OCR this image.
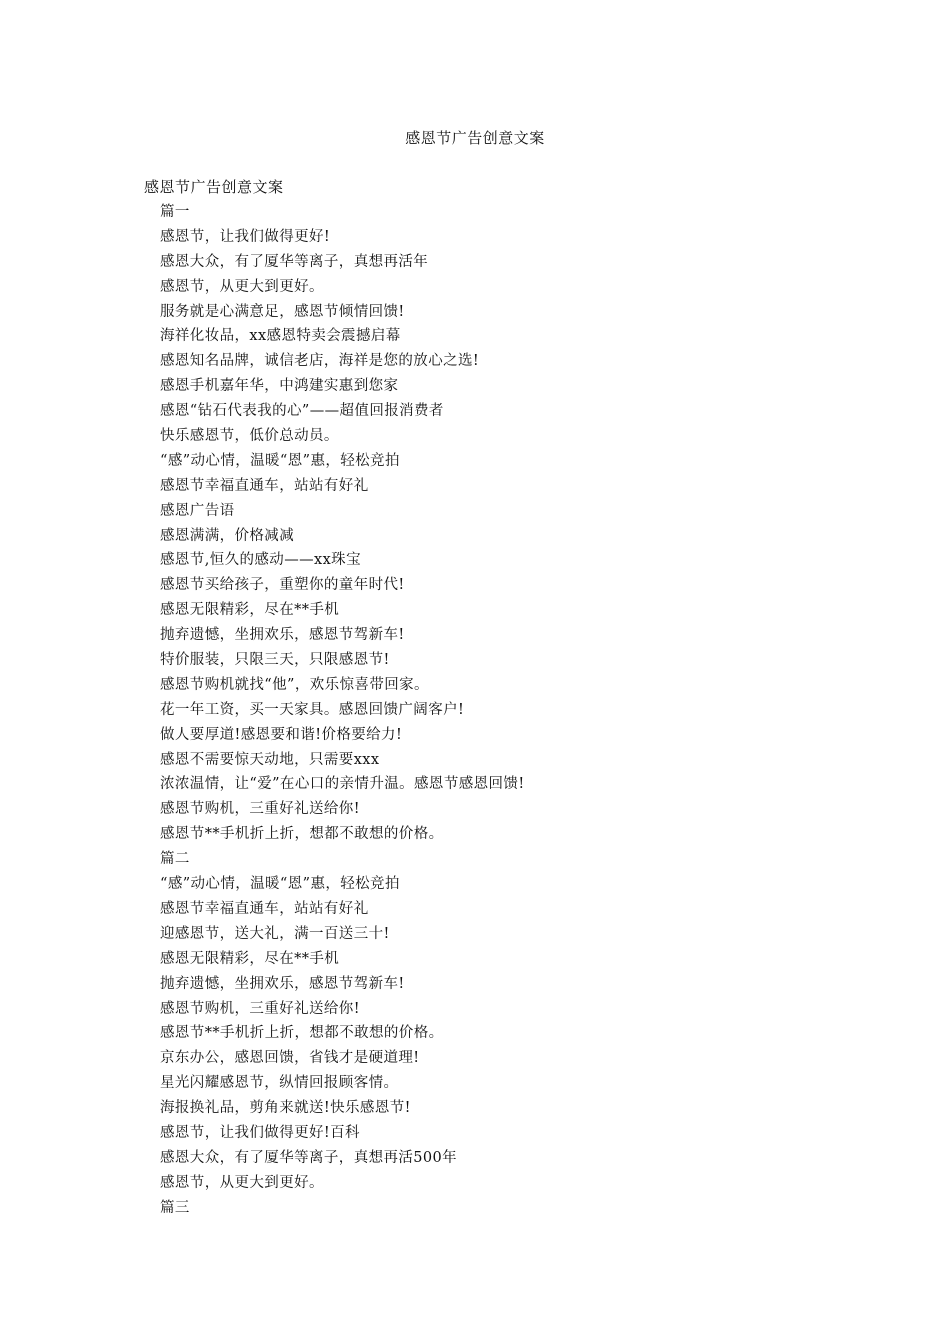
感恩节广告创意文案
感恩节广告创意文案
篇一
感恩节，让我们做得更好!
感恩大众，有了厦华等离子，真想再活年
感恩节，从更大到更好。
服务就是心满意足，感恩节倾情回馈!
海祥化妆品，xx感恩特卖会震撼启幕
感恩知名品牌，诚信老店，海祥是您的放心之选!
感恩手机嘉年华，中鸿建实惠到您家
感恩“钻石代表我的心”——超值回报消费者
快乐感恩节，低价总动员。
“感”动心情，温暖“恩”惠，轻松竞拍
感恩节幸福直通车，站站有好礼
感恩广告语
感恩满满，价格减减
感恩节,恒久的感动——xx珠宝
感恩节买给孩子，重塑你的童年时代!
感恩无限精彩，尽在**手机
抛弃遗憾，坐拥欢乐，感恩节驾新车!
特价服装，只限三天，只限感恩节!
感恩节购机就找“他”，欢乐惊喜带回家。
花一年工资，买一天家具。感恩回馈广阔客户!
做人要厚道!感恩要和谐!价格要给力!
感恩不需要惊天动地，只需要xxx
浓浓温情，让“爱”在心口的亲情升温。感恩节感恩回馈!
感恩节购机，三重好礼送给你!
感恩节**手机折上折，想都不敢想的价格。
篇二
“感”动心情，温暖“恩”惠，轻松竞拍
感恩节幸福直通车，站站有好礼
迎感恩节，送大礼，满一百送三十!
感恩无限精彩，尽在**手机
抛弃遗憾，坐拥欢乐，感恩节驾新车!
感恩节购机，三重好礼送给你!
感恩节**手机折上折，想都不敢想的价格。
京东办公，感恩回馈，省钱才是硬道理!
星光闪耀感恩节，纵情回报顾客情。
海报换礼品，剪角来就送!快乐感恩节!
感恩节，让我们做得更好!百科
感恩大众，有了厦华等离子，真想再活500年
感恩节，从更大到更好。
篇三
